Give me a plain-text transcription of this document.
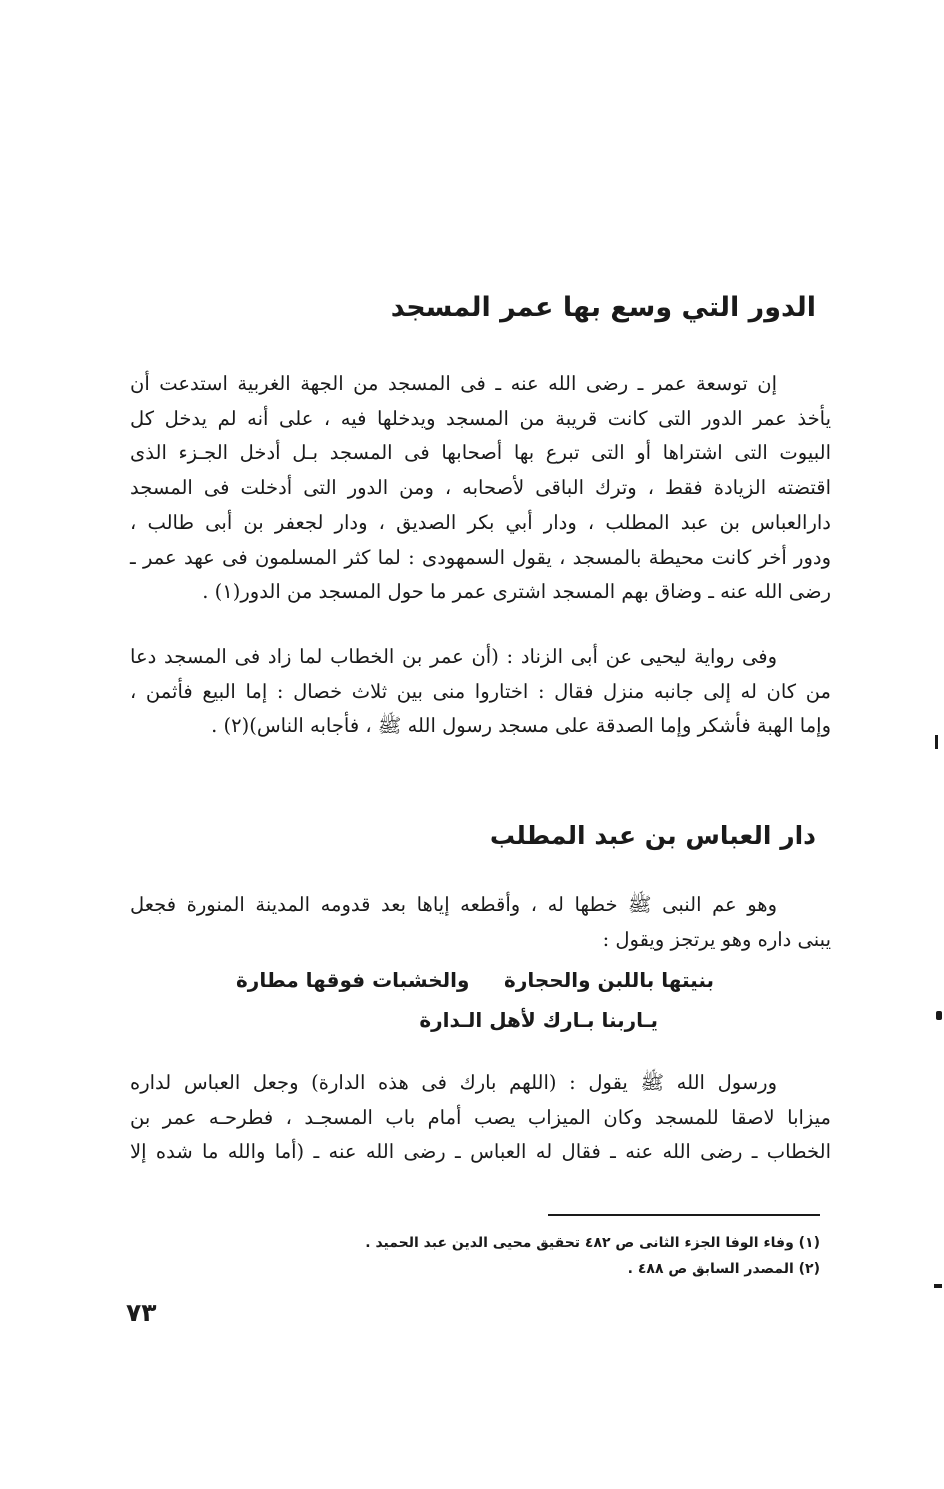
الدور التي وسع بها عمر المسجد
إن توسعة عمر ـ رضى الله عنه ـ فى المسجد من الجهة الغربية استدعت أن
يأخذ عمر الدور التى كانت قريبة من المسجد ويدخلها فيه ، على أنه لم يدخل كل
البيوت التى اشتراها أو التى تبرع بها أصحابها فى المسجد بـل أدخل الجـزء الذى
اقتضته الزيادة فقط ، وترك الباقى لأصحابه ، ومن الدور التى أدخلت فى المسجد
دارالعباس بن عبد المطلب ، ودار أبي بكر الصديق ، ودار لجعفر بن أبى طالب ،
ودور أخر كانت محيطة بالمسجد ، يقول السمهودى : لما كثر المسلمون فى عهد عمر ـ
رضى الله عنه ـ وضاق بهم المسجد اشترى عمر ما حول المسجد من الدور(١) .
وفى رواية ليحيى عن أبى الزناد : (أن عمر بن الخطاب لما زاد فى المسجد دعا
من كان له إلى جانبه منزل فقال : اختاروا منى بين ثلاث خصال : إما البيع فأثمن ،
وإما الهبة فأشكر وإما الصدقة على مسجد رسول الله ﷺ ، فأجابه الناس)(٢) .
دار العباس بن عبد المطلب
وهو عم النبى ﷺ خطها له ، وأقطعه إياها بعد قدومه المدينة المنورة فجعل
يبنى داره وهو يرتجز ويقول :
بنيتها باللبن والحجارة
والخشبات فوقها مطارة
يـاربنا بـارك لأهل الـدارة
ورسول الله ﷺ يقول : (اللهم بارك فى هذه الدارة) وجعل العباس لداره
ميزابا لاصقا للمسجد وكان الميزاب يصب أمام باب المسجـد ، فطرحـه عمر بن
الخطاب ـ رضى الله عنه ـ فقال له العباس ـ رضى الله عنه ـ (أما والله ما شده إلا
(١) وفاء الوفا الجزء الثانى ص ٤٨٢ تحقيق محيى الدين عبد الحميد .
(٢) المصدر السابق ص ٤٨٨ .
٧٣
